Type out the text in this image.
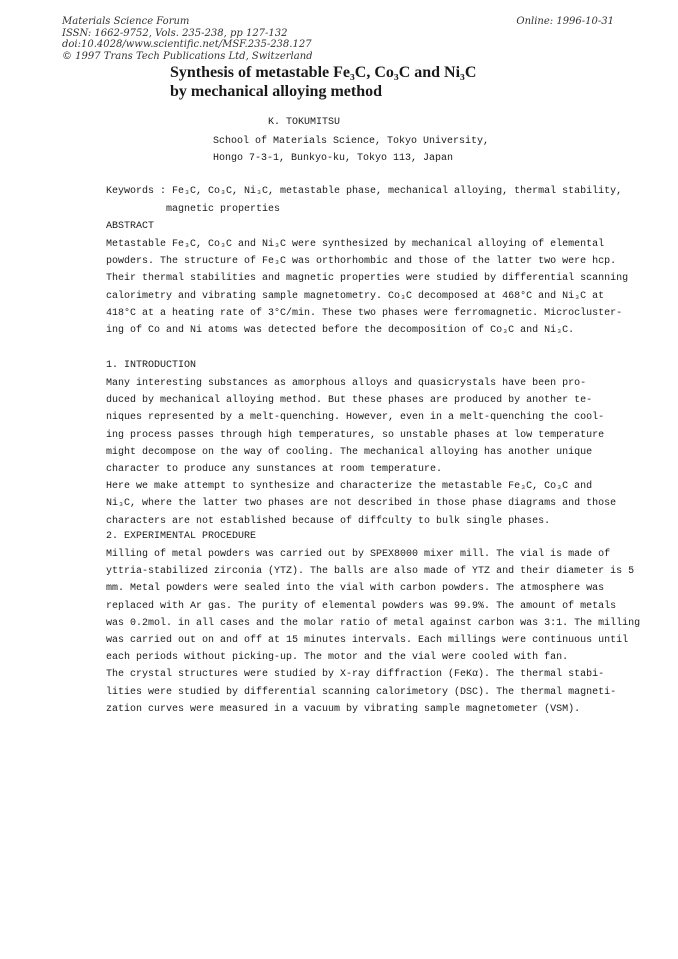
Materials Science Forum
ISSN: 1662-9752, Vols. 235-238, pp 127-132
doi:10.4028/www.scientific.net/MSF.235-238.127
© 1997 Trans Tech Publications Ltd, Switzerland
Online: 1996-10-31
Synthesis of metastable Fe₃C, Co₃C and Ni₃C
by mechanical alloying method
K. TOKUMITSU
School of Materials Science, Tokyo University,
Hongo 7-3-1, Bunkyo-ku, Tokyo 113, Japan
Keywords : Fe₃C, Co₃C, Ni₃C, metastable phase, mechanical alloying, thermal stability,
magnetic properties
ABSTRACT
Metastable Fe₃C, Co₃C and Ni₃C were synthesized by mechanical alloying of elemental
powders. The structure of Fe₃C was orthorhombic and those of the latter two were hcp.
Their thermal stabilities and magnetic properties were studied by differential scanning
calorimetry and vibrating sample magnetometry. Co₃C decomposed at 468°C and Ni₃C at
418°C at a heating rate of 3°C/min. These two phases were ferromagnetic. Microcluster-
ing of Co and Ni atoms was detected before the decomposition of Co₃C and Ni₃C.
1. INTRODUCTION
Many interesting substances as amorphous alloys and quasicrystals have been pro-
duced by mechanical alloying method. But these phases are produced by another te-
niques represented by a melt-quenching. However, even in a melt-quenching the cool-
ing process passes through high temperatures, so unstable phases at low temperature
might decompose on the way of cooling. The mechanical alloying has another unique
character to produce any sunstances at room temperature.
Here we make attempt to synthesize and characterize the metastable Fe₃C, Co₃C and
Ni₃C, where the latter two phases are not described in those phase diagrams and those
characters are not established because of diffculty to bulk single phases.
2. EXPERIMENTAL PROCEDURE
Milling of metal powders was carried out by SPEX8000 mixer mill. The vial is made of
yttria-stabilized zirconia (YTZ). The balls are also made of YTZ and their diameter is 5
mm. Metal powders were sealed into the vial with carbon powders. The atmosphere was
replaced with Ar gas. The purity of elemental powders was 99.9%. The amount of metals
was 0.2mol. in all cases and the molar ratio of metal against carbon was 3:1. The milling
was carried out on and off at 15 minutes intervals. Each millings were continuous until
each periods without picking-up. The motor and the vial were cooled with fan.
The crystal structures were studied by X-ray diffraction (FeKα). The thermal stabi-
lities were studied by differential scanning calorimetory (DSC). The thermal magneti-
zation curves were measured in a vacuum by vibrating sample magnetometer (VSM).
